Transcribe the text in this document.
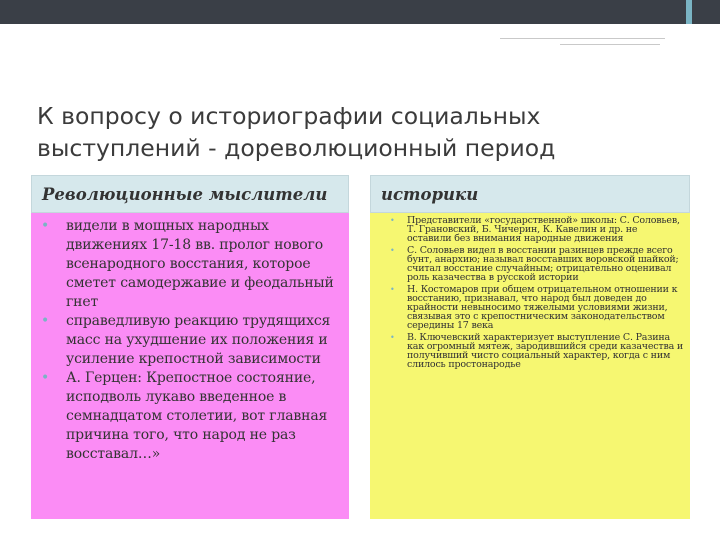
К вопросу о историографии социальных
выступлений - дореволюционный период
Революционные мыслители	историки
• видели в мощных народных движениях 17-18 вв. пролог нового всенародного восстания, которое сметет самодержавие и феодальный гнет
• справедливую реакцию трудящихся масс на ухудшение их положения и усиление крепостной зависимости
• А. Герцен: Крепостное состояние, исподволь лукаво введенное в семнадцатом столетии, вот главная причина того, что народ не раз восставал…»
• Представители «государственной» школы: С. Соловьев, Т. Грановский, Б. Чичерин, К. Кавелин и др. не оставили без внимания народные движения
• С. Соловьев видел в восстании разинцев прежде всего бунт, анархию; называл восставших воровской шайкой; считал восстание случайным; отрицательно оценивал роль казачества в русской истории
• Н. Костомаров при общем отрицательном отношении к восстанию, признавал, что народ был доведен до крайности невыносимо тяжелыми условиями жизни, связывая это с крепостническим законодательством середины 17 века
• В. Ключевский характеризует выступление С. Разина как огромный мятеж, зародившийся среди казачества и получивший чисто социальный характер, когда с ним слилось простонародье
